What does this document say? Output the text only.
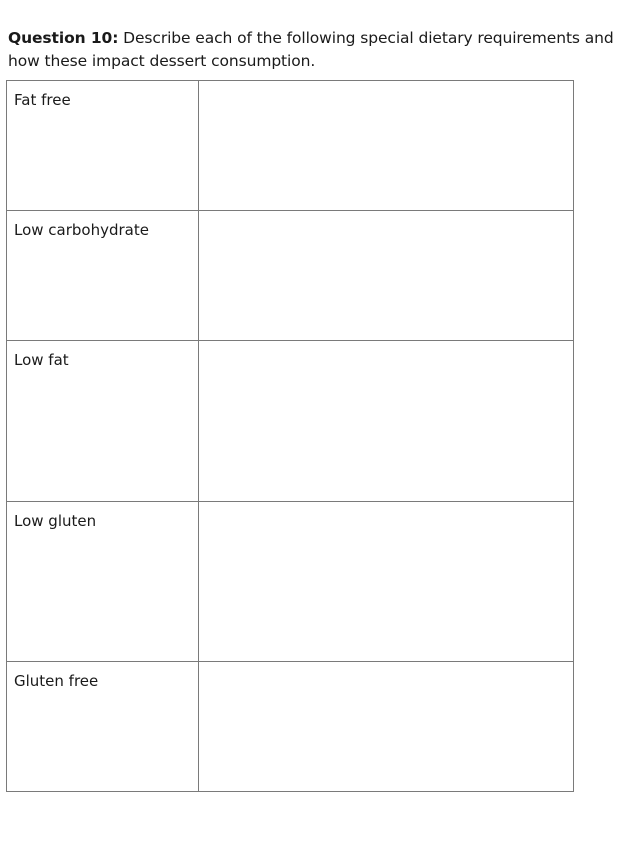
Question 10: Describe each of the following special dietary requirements and how these impact dessert consumption.
Fat free	

Low carbohydrate	

Low fat	

Low gluten	

Gluten free	
